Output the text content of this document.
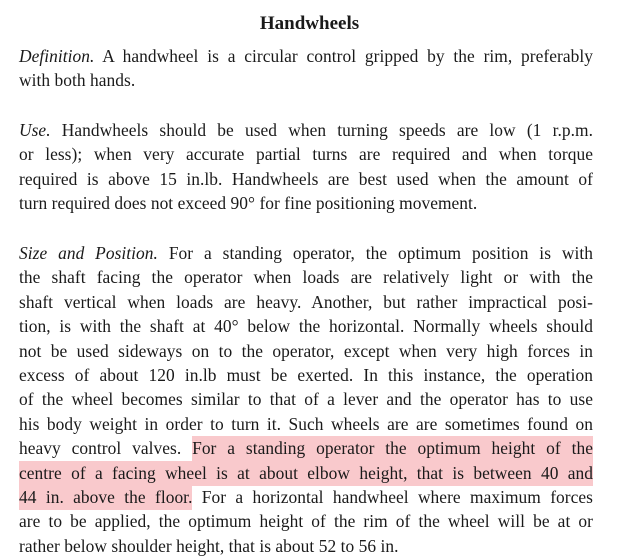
Handwheels
Definition. A handwheel is a circular control gripped by the rim, preferably
with both hands.
Use. Handwheels should be used when turning speeds are low (1 r.p.m.
or less); when very accurate partial turns are required and when torque
required is above 15 in.lb. Handwheels are best used when the amount of
turn required does not exceed 90° for fine positioning movement.
Size and Position. For a standing operator, the optimum position is with
the shaft facing the operator when loads are relatively light or with the
shaft vertical when loads are heavy. Another, but rather impractical posi-
tion, is with the shaft at 40° below the horizontal. Normally wheels should
not be used sideways on to the operator, except when very high forces in
excess of about 120 in.lb must be exerted. In this instance, the operation
of the wheel becomes similar to that of a lever and the operator has to use
his body weight in order to turn it. Such wheels are are sometimes found on
heavy control valves. For a standing operator the optimum height of the
centre of a facing wheel is at about elbow height, that is between 40 and
44 in. above the floor. For a horizontal handwheel where maximum forces
are to be applied, the optimum height of the rim of the wheel will be at or
rather below shoulder height, that is about 52 to 56 in.
